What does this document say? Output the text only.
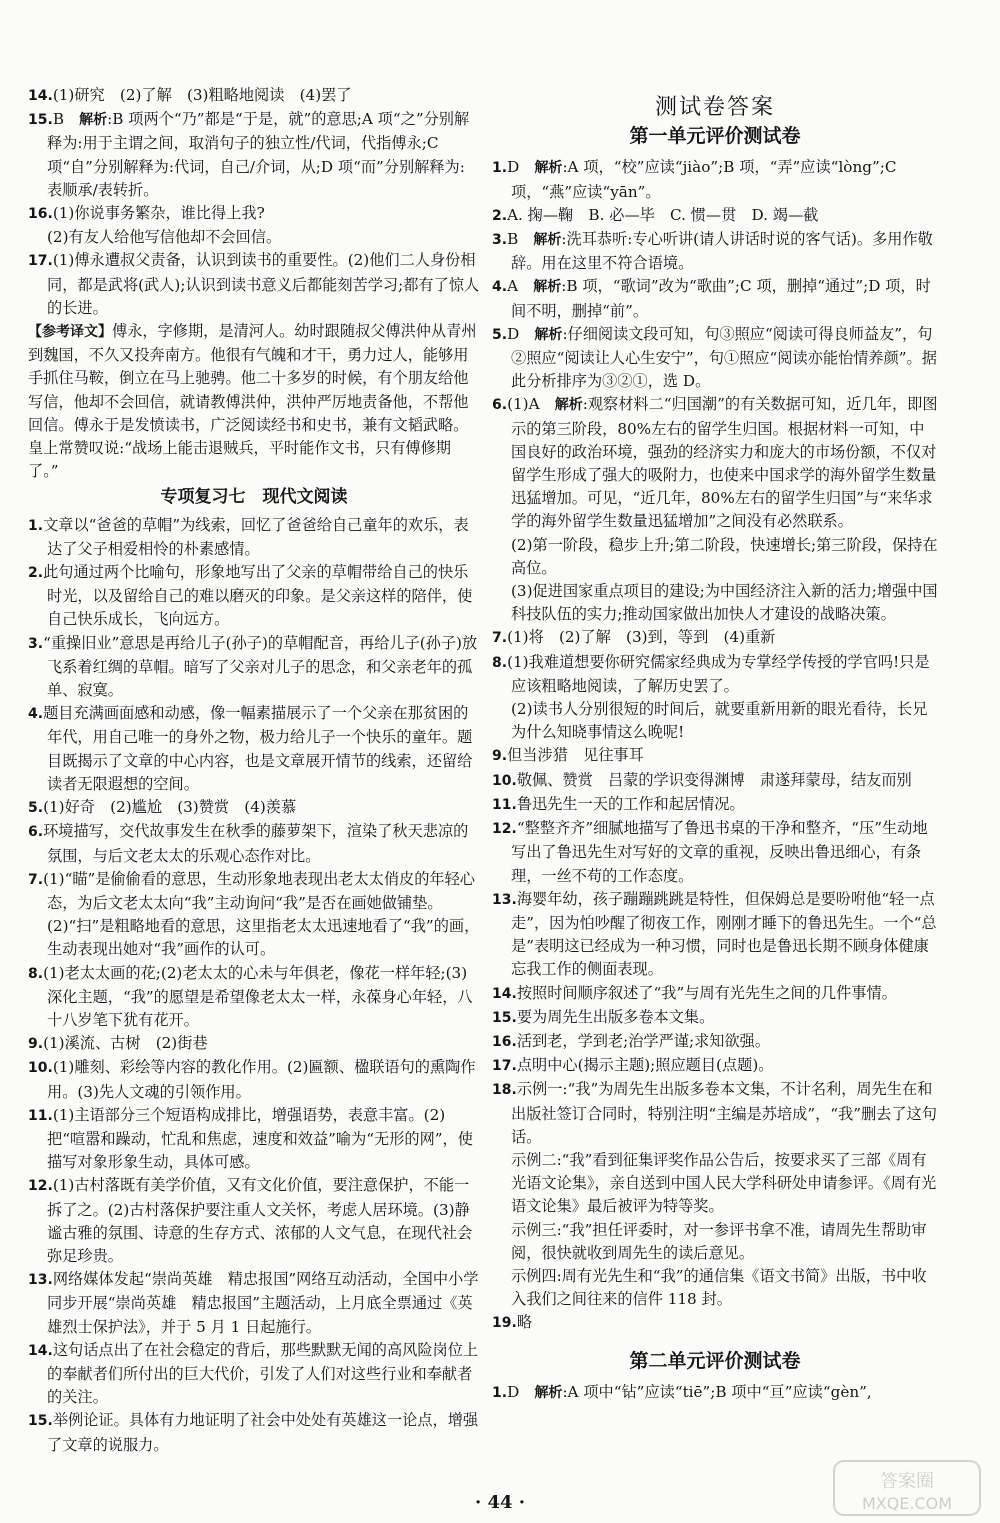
14.(1)研究　(2)了解　(3)粗略地阅读　(4)罢了

15.B　解析:B 项两个“乃”都是“于是，就”的意思;A 项“之”分别解释为:用于主谓之间，取消句子的独立性/代词，代指傅永;C 项“自”分别解释为:代词，自己/介词，从;D 项“而”分别解释为:表顺承/表转折。

16.(1)你说事务繁杂，谁比得上我?

(2)有友人给他写信他却不会回信。

17.(1)傅永遭叔父责备，认识到读书的重要性。(2)他们二人身份相同，都是武将(武人);认识到读书意义后都能刻苦学习;都有了惊人的长进。

【参考译文】傅永，字修期，是清河人。幼时跟随叔父傅洪仲从青州到魏国，不久又投奔南方。他很有气魄和才干，勇力过人，能够用手抓住马鞍，倒立在马上驰骋。他二十多岁的时候，有个朋友给他写信，他却不会回信，就请教傅洪仲，洪仲严厉地责备他，不帮他回信。傅永于是发愤读书，广泛阅读经书和史书，兼有文韬武略。皇上常赞叹说:“战场上能击退贼兵，平时能作文书，只有傅修期了。”

专项复习七　现代文阅读

1.文章以“爸爸的草帽”为线索，回忆了爸爸给自己童年的欢乐，表达了父子相爱相怜的朴素感情。

2.此句通过两个比喻句，形象地写出了父亲的草帽带给自己的快乐时光，以及留给自己的难以磨灭的印象。是父亲这样的陪伴，使自己快乐成长，飞向远方。

3.“重操旧业”意思是再给儿子(孙子)的草帽配音，再给儿子(孙子)放飞系着红绸的草帽。暗写了父亲对儿子的思念，和父亲老年的孤单、寂寞。

4.题目充满画面感和动感，像一幅素描展示了一个父亲在那贫困的年代，用自己唯一的身外之物，极力给儿子一个快乐的童年。题目既揭示了文章的中心内容，也是文章展开情节的线索，还留给读者无限遐想的空间。

5.(1)好奇　(2)尴尬　(3)赞赏　(4)羡慕

6.环境描写，交代故事发生在秋季的藤萝架下，渲染了秋天悲凉的氛围，与后文老太太的乐观心态作对比。

7.(1)“瞄”是偷偷看的意思，生动形象地表现出老太太俏皮的年轻心态，为后文老太太向“我”主动询问“我”是否在画她做铺垫。

(2)“扫”是粗略地看的意思，这里指老太太迅速地看了“我”的画，生动表现出她对“我”画作的认可。

8.(1)老太太画的花;(2)老太太的心未与年俱老，像花一样年轻;(3)深化主题，“我”的愿望是希望像老太太一样，永葆身心年轻，八十八岁笔下犹有花开。

9.(1)溪流、古树　(2)街巷

10.(1)雕刻、彩绘等内容的教化作用。(2)匾额、楹联语句的熏陶作用。(3)先人文魂的引领作用。

11.(1)主语部分三个短语构成排比，增强语势，表意丰富。(2)把“喧嚣和躁动，忙乱和焦虑，速度和效益”喻为“无形的网”，使描写对象形象生动，具体可感。

12.(1)古村落既有美学价值，又有文化价值，要注意保护，不能一拆了之。(2)古村落保护要注重人文关怀，考虑人居环境。(3)静谧古雅的氛围、诗意的生存方式、浓郁的人文气息，在现代社会弥足珍贵。

13.网络媒体发起“崇尚英雄　精忠报国”网络互动活动，全国中小学同步开展“崇尚英雄　精忠报国”主题活动，上月底全票通过《英雄烈士保护法》，并于 5 月 1 日起施行。

14.这句话点出了在社会稳定的背后，那些默默无闻的高风险岗位上的奉献者们所付出的巨大代价，引发了人们对这些行业和奉献者的关注。

15.举例论证。具体有力地证明了社会中处处有英雄这一论点，增强了文章的说服力。

测试卷答案
第一单元评价测试卷

1.D　解析:A 项，“校”应读“jiào”;B 项，“弄”应读“lòng”;C 项，“燕”应读“yān”。

2.A. 掬—鞠　B. 必—毕　C. 惯—贯　D. 竭—截

3.B　解析:洗耳恭听:专心听讲(请人讲话时说的客气话)。多用作敬辞。用在这里不符合语境。

4.A　解析:B 项，“歌词”改为“歌曲”;C 项，删掉“通过”;D 项，时间不明，删掉“前”。

5.D　解析:仔细阅读文段可知，句③照应“阅读可得良师益友”，句②照应“阅读让人心生安宁”，句①照应“阅读亦能怡情养颜”。据此分析排序为③②①，选 D。

6.(1)A　解析:观察材料二“归国潮”的有关数据可知，近几年，即图示的第三阶段，80%左右的留学生归国。根据材料一可知，中国良好的政治环境，强劲的经济实力和庞大的市场份额，不仅对留学生形成了强大的吸附力，也使来中国求学的海外留学生数量迅猛增加。可见，“近几年，80%左右的留学生归国”与“来华求学的海外留学生数量迅猛增加”之间没有必然联系。

(2)第一阶段，稳步上升;第二阶段，快速增长;第三阶段，保持在高位。

(3)促进国家重点项目的建设;为中国经济注入新的活力;增强中国科技队伍的实力;推动国家做出加快人才建设的战略决策。

7.(1)将　(2)了解　(3)到，等到　(4)重新

8.(1)我难道想要你研究儒家经典成为专掌经学传授的学官吗!只是应该粗略地阅读，了解历史罢了。

(2)读书人分别很短的时间后，就要重新用新的眼光看待，长兄为什么知晓事情这么晚呢!

9.但当涉猎　见往事耳

10.敬佩、赞赏　吕蒙的学识变得渊博　肃遂拜蒙母，结友而别

11.鲁迅先生一天的工作和起居情况。

12.“整整齐齐”细腻地描写了鲁迅书桌的干净和整齐，“压”生动地写出了鲁迅先生对写好的文章的重视，反映出鲁迅细心，有条理，一丝不苟的工作态度。

13.海婴年幼，孩子蹦蹦跳跳是特性，但保姆总是要吩咐他“轻一点走”，因为怕吵醒了彻夜工作，刚刚才睡下的鲁迅先生。一个“总是”表明这已经成为一种习惯，同时也是鲁迅长期不顾身体健康忘我工作的侧面表现。

14.按照时间顺序叙述了“我”与周有光先生之间的几件事情。

15.要为周先生出版多卷本文集。

16.活到老，学到老;治学严谨;求知欲强。

17.点明中心(揭示主题);照应题目(点题)。

18.示例一:“我”为周先生出版多卷本文集，不计名利，周先生在和出版社签订合同时，特别注明“主编是苏培成”，“我”删去了这句话。

示例二:“我”看到征集评奖作品公告后，按要求买了三部《周有光语文论集》，亲自送到中国人民大学科研处申请参评。《周有光语文论集》最后被评为特等奖。

示例三:“我”担任评委时，对一参评书拿不准，请周先生帮助审阅，很快就收到周先生的读后意见。

示例四:周有光先生和“我”的通信集《语文书简》出版，书中收入我们之间往来的信件 118 封。

19.略

第二单元评价测试卷

1.D　解析:A 项中“钻”应读“tiē”;B 项中“亘”应读“gèn”,

· 44 ·
答案圈
MXQE.COM
